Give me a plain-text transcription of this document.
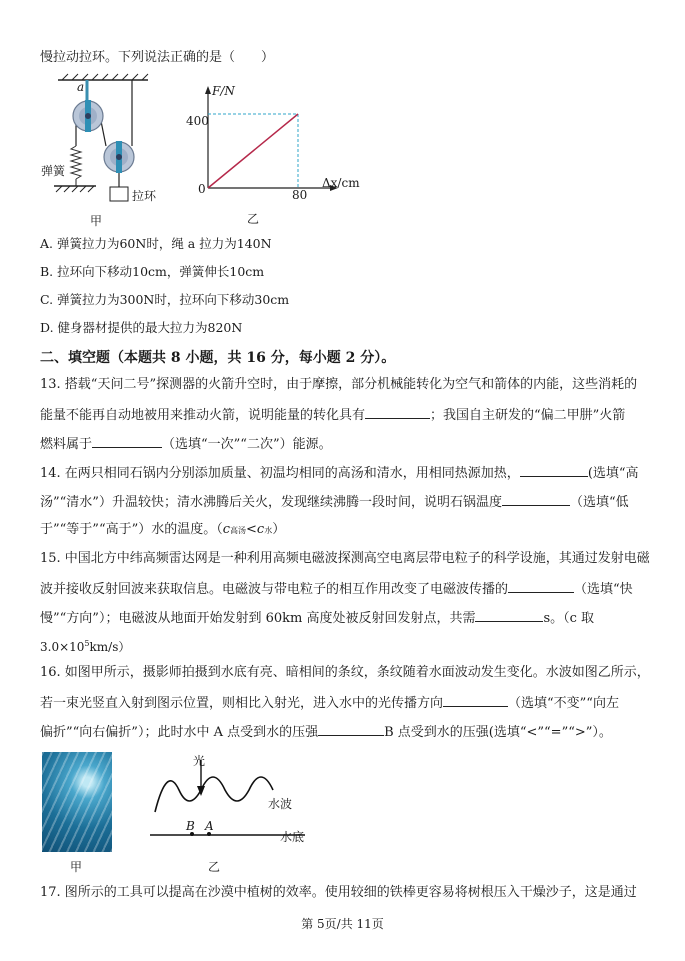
慢拉动拉环。下列说法正确的是（　　）
a
弹簧
拉环
甲
F/N
400
0	80
Δx/cm
乙
A. 弹簧拉力为60N时，绳 a 拉力为140N
B. 拉环向下移动10cm，弹簧伸长10cm
C. 弹簧拉力为300N时，拉环向下移动30cm
D. 健身器材提供的最大拉力为820N
二、填空题（本题共 8 小题，共 16 分，每小题 2 分）。
13. 搭载“天问二号”探测器的火箭升空时，由于摩擦，部分机械能转化为空气和箭体的内能，这些消耗的
能量不能再自动地被用来推动火箭，说明能量的转化具有	；我国自主研发的“偏二甲肼”火箭
燃料属于	（选填“一次”“二次”）能源。
14. 在两只相同石锅内分别添加质量、初温均相同的高汤和清水，用相同热源加热，	(选填“高
汤”“清水”）升温较快；清水沸腾后关火，发现继续沸腾一段时间，说明石锅温度	（选填“低
于”“等于”“高于”）水的温度。（c高汤<c水）
15. 中国北方中纬高频雷达网是一种利用高频电磁波探测高空电离层带电粒子的科学设施，其通过发射电磁
波并接收反射回波来获取信息。电磁波与带电粒子的相互作用改变了电磁波传播的	（选填“快
慢”“方向”）；电磁波从地面开始发射到 60km 高度处被反射回发射点，共需	s。（c 取
$3.0\times 10^5km/s$）
16. 如图甲所示，摄影师拍摄到水底有亮、暗相间的条纹，条纹随着水面波动发生变化。水波如图乙所示，
若一束光竖直入射到图示位置，则相比入射光，进入水中的光传播方向	（选填“不变”“向左
偏折”“向右偏折”）；此时水中 A 点受到水的压强	B 点受到水的压强(选填“<”“=”“>”）。
甲
光
水波
水底
B A
乙
17. 图所示的工具可以提高在沙漠中植树的效率。使用较细的铁棒更容易将树根压入干燥沙子，这是通过
第 5页/共 11页
